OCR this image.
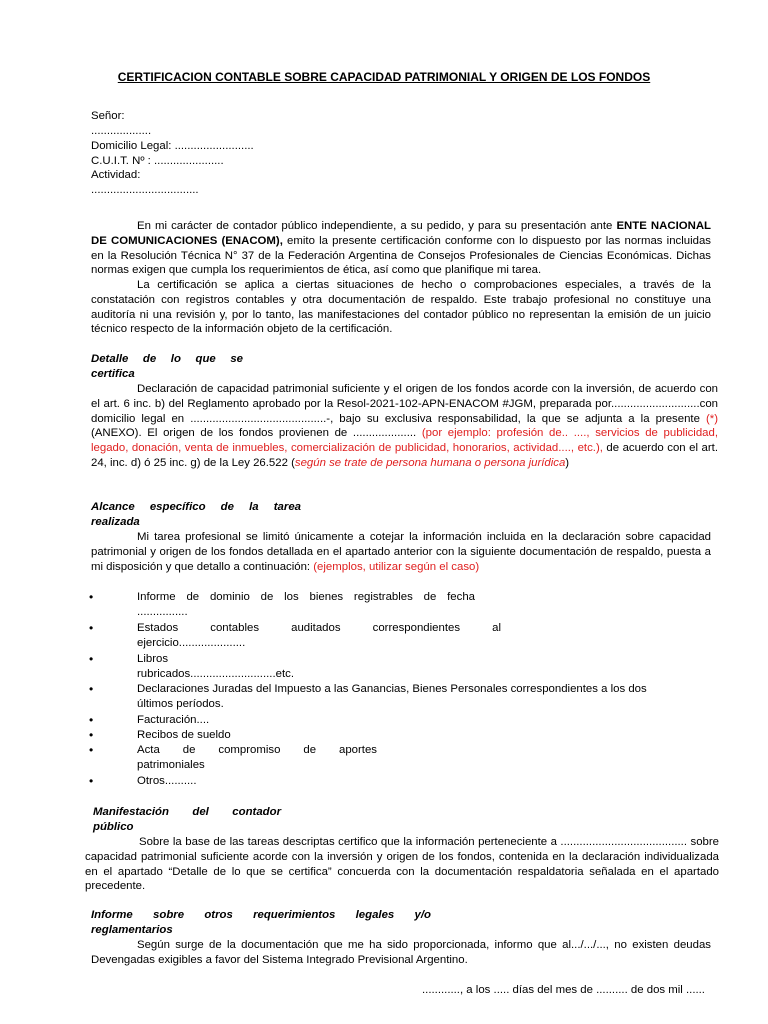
CERTIFICACION CONTABLE SOBRE CAPACIDAD PATRIMONIAL Y ORIGEN DE LOS FONDOS
Señor:
...................
Domicilio Legal: .........................
C.U.I.T. Nº : ......................
Actividad:
..................................
En mi carácter de contador público independiente, a su pedido, y para su presentación ante ENTE NACIONAL DE COMUNICACIONES (ENACOM), emito la presente certificación conforme con lo dispuesto por las normas incluidas en la Resolución Técnica N° 37 de la Federación Argentina de Consejos Profesionales de Ciencias Económicas. Dichas normas exigen que cumpla los requerimientos de ética, así como que planifique mi tarea.
La certificación se aplica a ciertas situaciones de hecho o comprobaciones especiales, a través de la constatación con registros contables y otra documentación de respaldo. Este trabajo profesional no constituye una auditoría ni una revisión y, por lo tanto, las manifestaciones del contador público no representan la emisión de un juicio técnico respecto de la información objeto de la certificación.
Detalle de lo que se
certifica
Declaración de capacidad patrimonial suficiente y el origen de los fondos acorde con la inversión, de acuerdo con el art. 6 inc. b) del Reglamento aprobado por la Resol-2021-102-APN-ENACOM #JGM, preparada por............................con domicilio legal en ...........................................-, bajo su exclusiva responsabilidad, la que se adjunta a la presente (*) (ANEXO). El origen de los fondos provienen de .................... (por ejemplo: profesión de.. ...., servicios de publicidad, legado, donación, venta de inmuebles, comercialización de publicidad, honorarios, actividad...., etc.), de acuerdo con el art. 24, inc. d) ó 25 inc. g) de la Ley 26.522 (según se trate de persona humana o persona jurídica)
Alcance específico de la tarea
realizada
Mi tarea profesional se limitó únicamente a cotejar la información incluida en la declaración sobre capacidad patrimonial y origen de los fondos detallada en el apartado anterior con la siguiente documentación de respaldo, puesta a mi disposición y que detallo a continuación: (ejemplos, utilizar según el caso)
•
Informe de dominio de los bienes registrables de fecha
................
•
Estados contables auditados correspondientes al
ejercicio.....................
•
Libros
rubricados...........................etc.
•
Declaraciones Juradas del Impuesto a las Ganancias, Bienes Personales correspondientes a los dos
últimos períodos.
•
Facturación....
•
Recibos de sueldo
•
Acta de compromiso de aportes
patrimoniales
•
Otros..........
Manifestación del contador
público
Sobre la base de las tareas descriptas certifico que la información perteneciente a ........................................ sobre capacidad patrimonial suficiente acorde con la inversión y origen de los fondos, contenida en la declaración individualizada en el apartado “Detalle de lo que se certifica” concuerda con la documentación respaldatoria señalada en el apartado precedente.
Informe sobre otros requerimientos legales y/o
reglamentarios
Según surge de la documentación que me ha sido proporcionada, informo que al.../.../..., no existen deudas Devengadas exigibles a favor del Sistema Integrado Previsional Argentino.
............, a los ..... días del mes de .......... de dos mil ......
